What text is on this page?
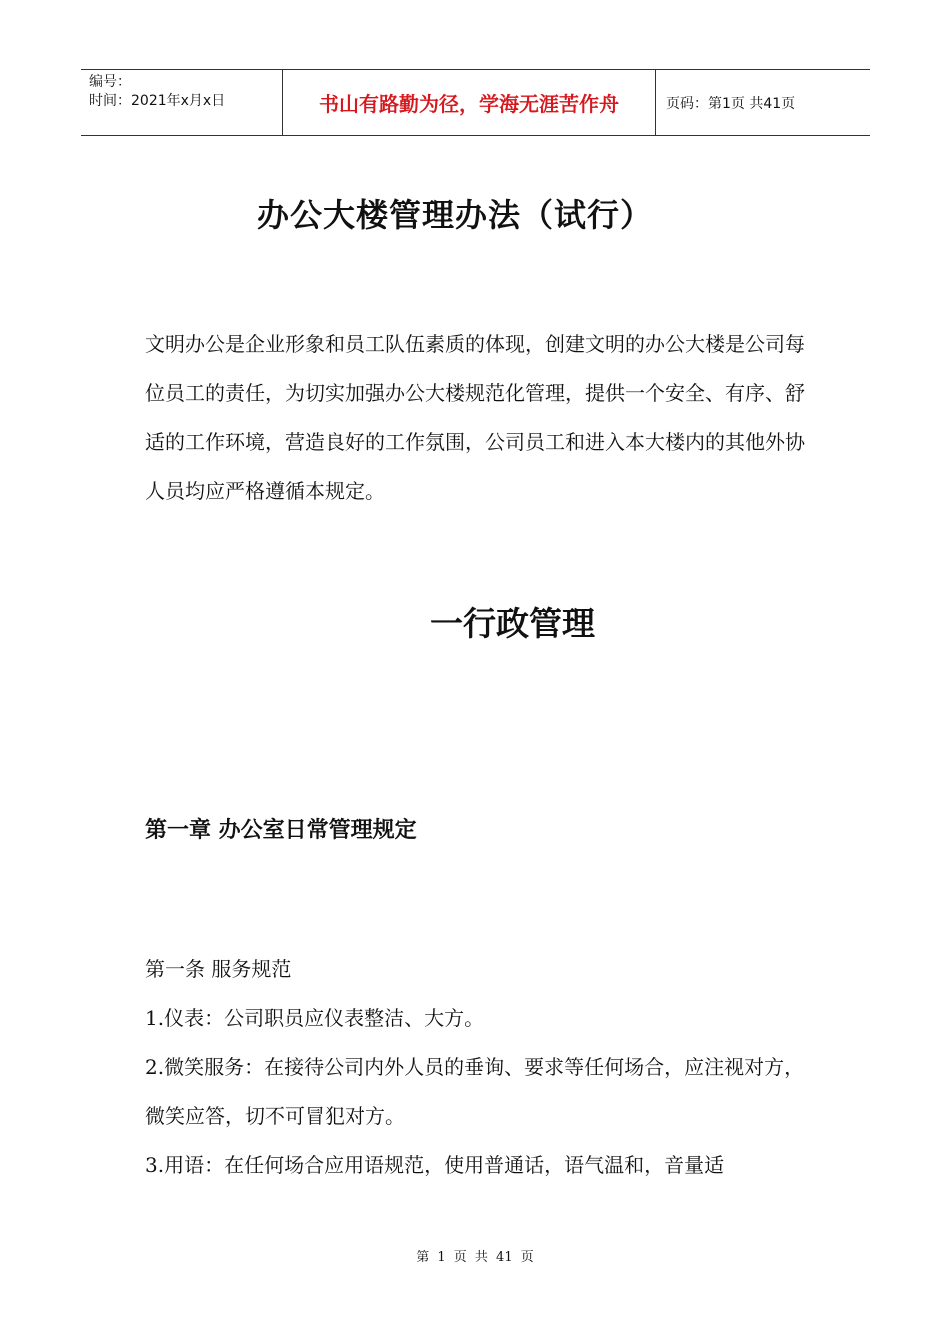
编号：
时间：2021年x月x日	书山有路勤为径，学海无涯苦作舟	页码：第1页 共41页
办公大楼管理办法（试行）

文明办公是企业形象和员工队伍素质的体现，创建文明的办公大楼是公司每位员工的责任，为切实加强办公大楼规范化管理，提供一个安全、有序、舒适的工作环境，营造良好的工作氛围，公司员工和进入本大楼内的其他外协人员均应严格遵循本规定。

一行政管理
第一章 办公室日常管理规定

第一条 服务规范

1.仪表：公司职员应仪表整洁、大方。

2.微笑服务：在接待公司内外人员的垂询、要求等任何场合，应注视对方，微笑应答，切不可冒犯对方。

3.用语：在任何场合应用语规范，使用普通话，语气温和，音量适

第 1 页 共 41 页
